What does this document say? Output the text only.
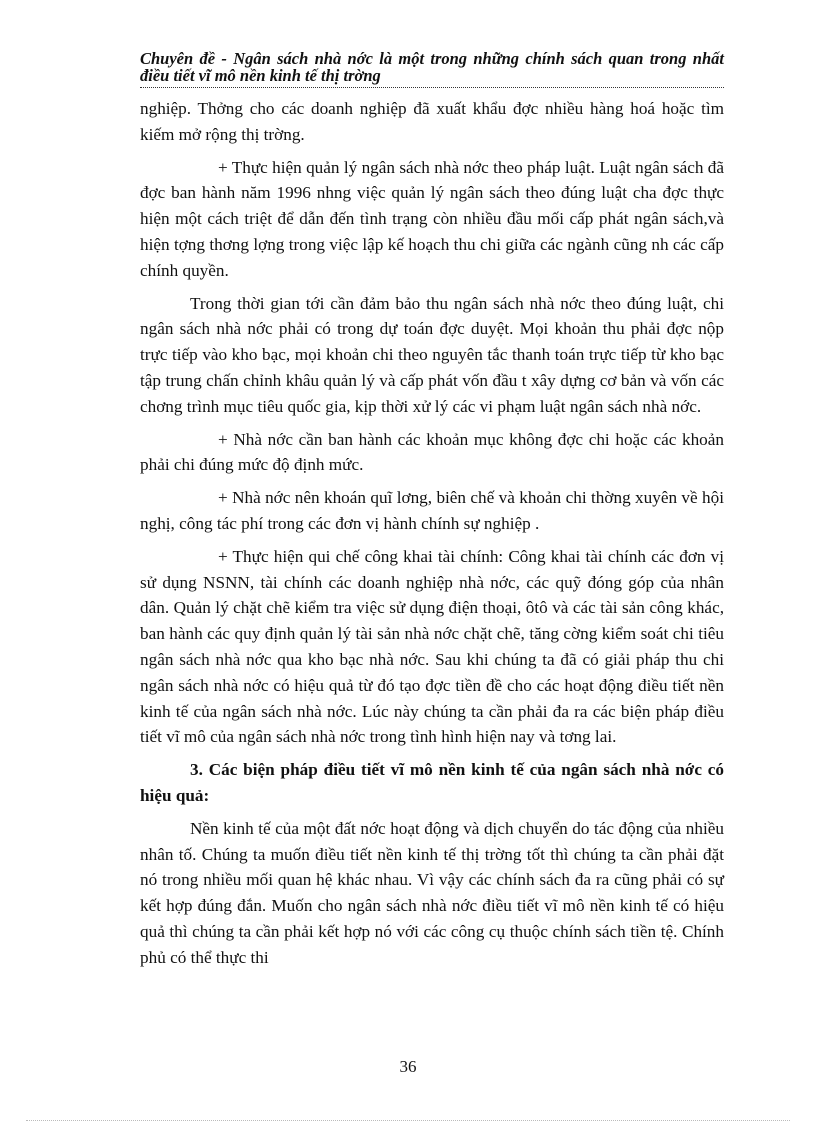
Chuyên đề - Ngân sách nhà nớc là một trong những chính sách quan trong nhất điều tiết vĩ mô nền kinh tế thị trờng

nghiệp. Thởng cho các doanh nghiệp đã xuất khẩu đợc nhiều hàng hoá hoặc tìm kiếm mở rộng thị trờng.

+ Thực hiện quản lý ngân sách nhà nớc theo pháp luật. Luật ngân sách đã đợc ban hành năm 1996 nhng việc quản lý ngân sách theo đúng luật cha đợc thực hiện một cách triệt để dẫn đến tình trạng còn nhiều đầu mối cấp phát ngân sách,và hiện tợng thơng lợng trong việc lập kế hoạch thu chi giữa các ngành cũng nh các cấp chính quyền.

Trong thời gian tới cần đảm bảo thu ngân sách nhà nớc theo đúng luật, chi ngân sách nhà nớc phải có trong dự toán đợc duyệt. Mọi khoản thu phải đợc nộp trực tiếp vào kho bạc, mọi khoản chi theo nguyên tắc thanh toán trực tiếp từ kho bạc tập trung chấn chỉnh khâu quản lý và cấp phát vốn đầu t xây dựng cơ bản và vốn các chơng trình mục tiêu quốc gia, kịp thời xử lý các vi phạm luật ngân sách nhà nớc.

+ Nhà nớc cần ban hành các khoản mục không đợc chi hoặc các khoản phải chi đúng mức độ định mức.

+ Nhà nớc nên khoán quĩ lơng, biên chế và khoản chi thờng xuyên về hội nghị, công tác phí trong các đơn vị hành chính sự nghiệp .

+ Thực hiện qui chế công khai tài chính: Công khai tài chính các đơn vị sử dụng NSNN, tài chính các doanh nghiệp nhà nớc, các quỹ đóng góp của nhân dân. Quản lý chặt chẽ kiểm tra việc sử dụng điện thoại, ôtô và các tài sản công khác, ban hành các quy định quản lý tài sản nhà nớc chặt chẽ, tăng cờng kiểm soát chi tiêu ngân sách nhà nớc qua kho bạc nhà nớc. Sau khi chúng ta đã có giải pháp thu chi ngân sách nhà nớc có hiệu quả từ đó tạo đợc tiền đề cho các hoạt động điều tiết nền kinh tế của ngân sách nhà nớc. Lúc này chúng ta cần phải đa ra các biện pháp điều tiết vĩ mô của ngân sách nhà nớc trong tình hình hiện nay và tơng lai.

3. Các biện pháp điều tiết vĩ mô nền kinh tế của ngân sách nhà nớc có hiệu quả:

Nền kinh tế của một đất nớc hoạt động và dịch chuyển do tác động của nhiều nhân tố. Chúng ta muốn điều tiết nền kinh tế thị trờng tốt thì chúng ta cần phải đặt nó trong nhiều mối quan hệ khác nhau. Vì vậy các chính sách đa ra cũng phải có sự kết hợp đúng đắn. Muốn cho ngân sách nhà nớc điều tiết vĩ mô nền kinh tế có hiệu quả thì chúng ta cần phải kết hợp nó với các công cụ thuộc chính sách tiền tệ. Chính phủ có thể thực thi

36
